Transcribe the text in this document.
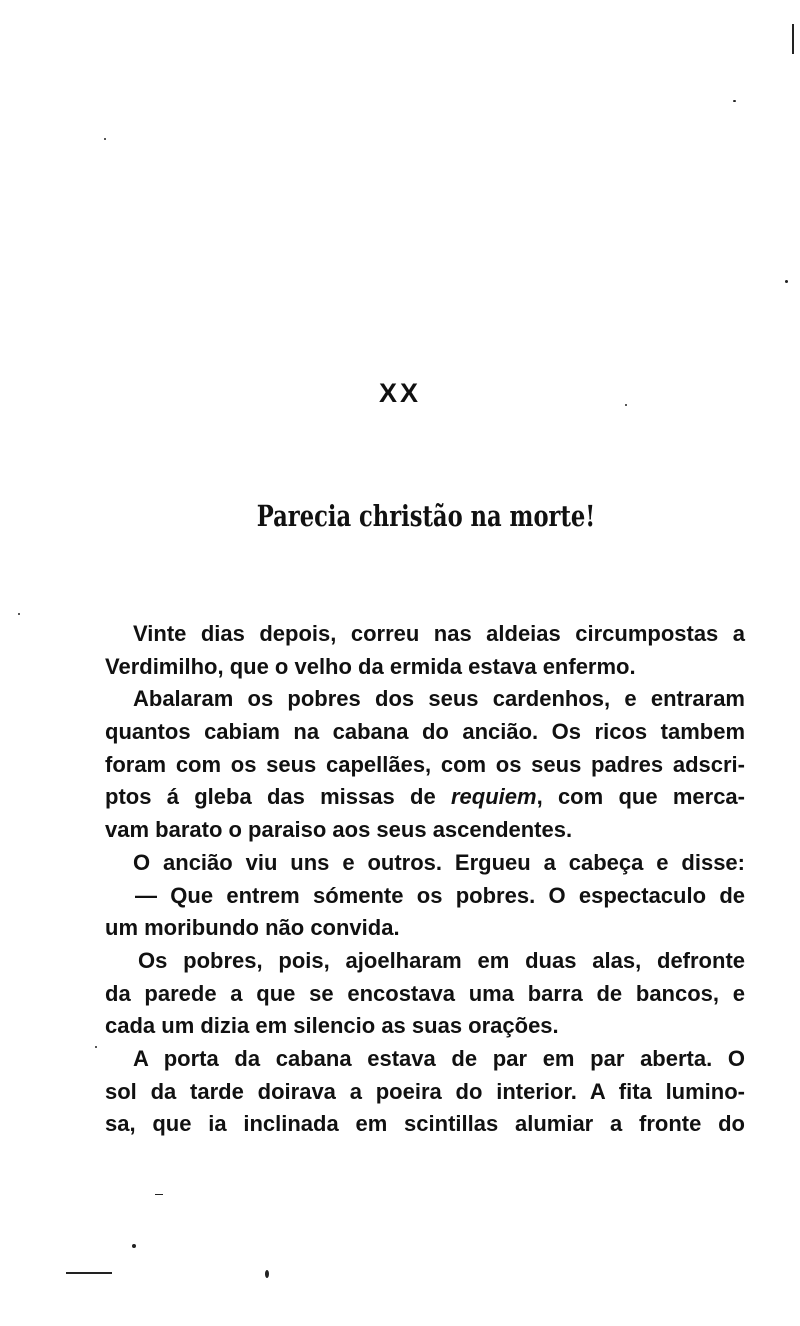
XX
Parecia christão na morte!
Vinte dias depois, correu nas aldeias circumpostas a
Verdimilho, que o velho da ermida estava enfermo.
Abalaram os pobres dos seus cardenhos, e entraram
quantos cabiam na cabana do ancião. Os ricos tambem
foram com os seus capellães, com os seus padres adscri-
ptos á gleba das missas de requiem, com que merca-
vam barato o paraiso aos seus ascendentes.
O ancião viu uns e outros. Ergueu a cabeça e disse:
— Que entrem sómente os pobres. O espectaculo de
um moribundo não convida.
Os pobres, pois, ajoelharam em duas alas, defronte
da parede a que se encostava uma barra de bancos, e
cada um dizia em silencio as suas orações.
A porta da cabana estava de par em par aberta. O
sol da tarde doirava a poeira do interior. A fita lumino-
sa, que ia inclinada em scintillas alumiar a fronte do
